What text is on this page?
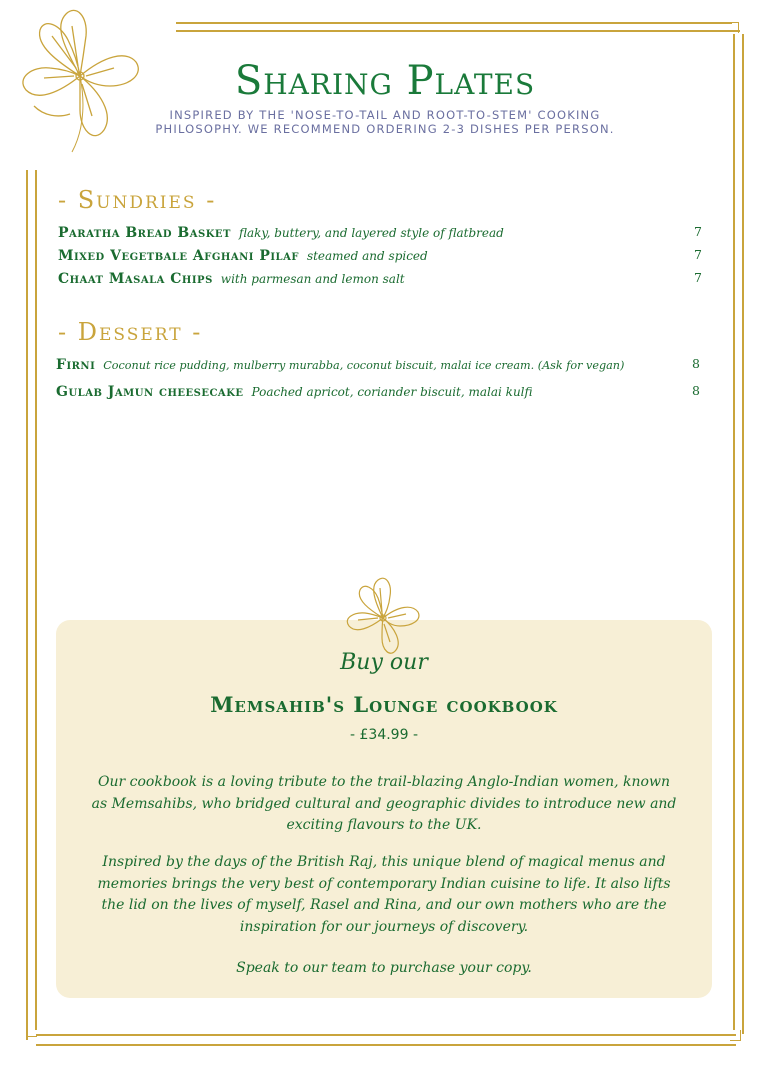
Sharing Plates
INSPIRED BY THE 'NOSE-TO-TAIL AND ROOT-TO-STEM' COOKING PHILOSOPHY. WE RECOMMEND ORDERING 2-3 DISHES PER PERSON.
- Sundries -
Paratha Bread Basket flaky, buttery, and layered style of flatbread	7
Mixed Vegetbale Afghani Pilaf steamed and spiced	7
Chaat Masala Chips with parmesan and lemon salt	7
- Dessert -
Firni Coconut rice pudding, mulberry murabba, coconut biscuit, malai ice cream. (Ask for vegan)	8
Gulab Jamun cheesecake Poached apricot, coriander biscuit, malai kulfi	8
Buy our
Memsahib's Lounge cookbook
- £34.99 -
Our cookbook is a loving tribute to the trail-blazing Anglo-Indian women, known as Memsahibs, who bridged cultural and geographic divides to introduce new and exciting flavours to the UK.
Inspired by the days of the British Raj, this unique blend of magical menus and memories brings the very best of contemporary Indian cuisine to life. It also lifts the lid on the lives of myself, Rasel and Rina, and our own mothers who are the inspiration for our journeys of discovery.
Speak to our team to purchase your copy.
